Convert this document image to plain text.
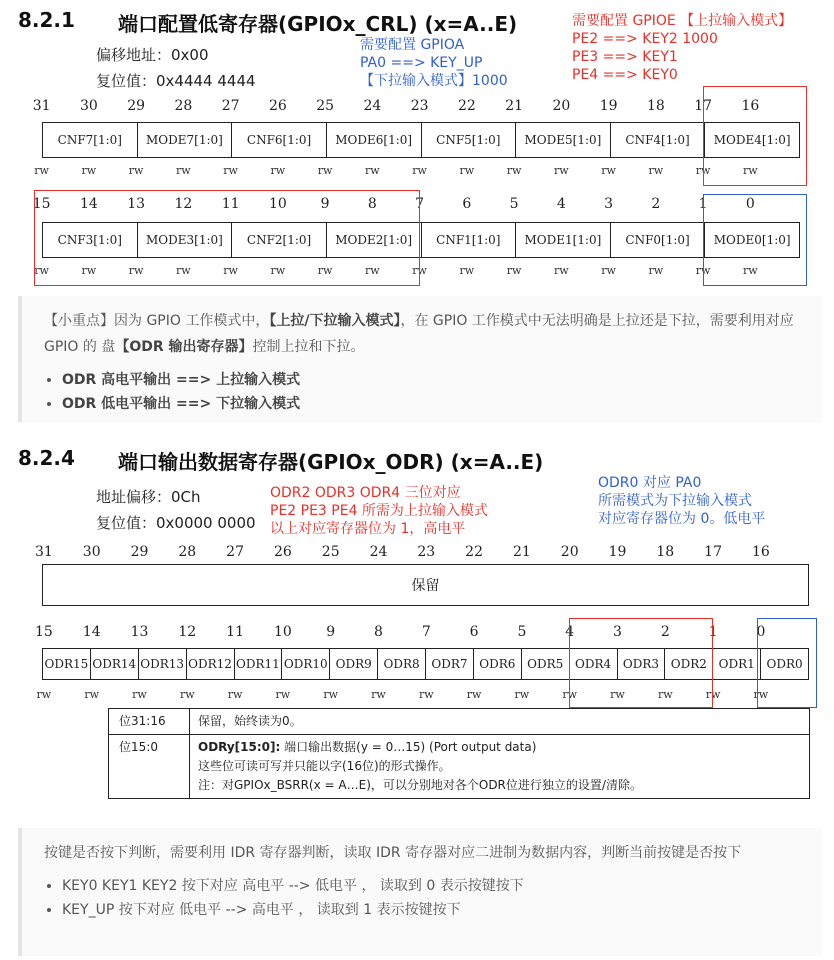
8.2.1 端口配置低寄存器(GPIOx_CRL) (x=A..E)
偏移地址：0x00
复位值：0x4444 4444
需要配置 GPIOA
PA0 ==> KEY_UP
【下拉输入模式】1000
需要配置 GPIOE 【上拉输入模式】
PE2 ==> KEY2 1000
PE3 ==> KEY1
PE4 ==> KEY0
31	30	29	28	27	26	25	24	23	22	21	20	19	18	17	16
CNF7[1:0]	MODE7[1:0]	CNF6[1:0]	MODE6[1:0]	CNF5[1:0]	MODE5[1:0]	CNF4[1:0]	MODE4[1:0]
rw	rw	rw	rw	rw	rw	rw	rw	rw	rw	rw	rw	rw	rw	rw	rw
15	14	13	12	11	10	9	8	7	6	5	4	3	2	1	0
CNF3[1:0]	MODE3[1:0]	CNF2[1:0]	MODE2[1:0]	CNF1[1:0]	MODE1[1:0]	CNF0[1:0]	MODE0[1:0]
rw	rw	rw	rw	rw	rw	rw	rw	rw	rw	rw	rw	rw	rw	rw	rw

【小重点】因为 GPIO 工作模式中，【上拉/下拉输入模式】，在 GPIO 工作模式中无法明确是上拉还是下拉，需要利用对应 GPIO 的 盘【ODR 输出寄存器】控制上拉和下拉。

• ODR 高电平输出 ==> 上拉输入模式
• ODR 低电平输出 ==> 下拉输入模式
8.2.4 端口输出数据寄存器(GPIOx_ODR) (x=A..E)
地址偏移：0Ch
复位值：0x0000 0000
ODR2 ODR3 ODR4 三位对应
PE2 PE3 PE4 所需为上拉输入模式
以上对应寄存器位为 1，高电平
ODR0 对应 PA0
所需模式为下拉输入模式
对应寄存器位为 0。低电平
31	30	29	28	27	26	25	24	23	22	21	20	19	18	17	16
保留
15	14	13	12	11	10	9	8	7	6	5	4	3	2	1	0
ODR15 ODR14 ODR13 ODR12 ODR11 ODR10 ODR9 ODR8 ODR7 ODR6 ODR5 ODR4 ODR3 ODR2 ODR1 ODR0
rw	rw	rw	rw	rw	rw	rw	rw	rw	rw	rw	rw	rw	rw	rw	rw
位31:16	保留，始终读为0。
位15:0	ODRy[15:0]: 端口输出数据(y = 0…15) (Port output data)
这些位可读可写并只能以字(16位)的形式操作。
注：对GPIOx_BSRR(x = A…E)，可以分别地对各个ODR位进行独立的设置/清除。

按键是否按下判断，需要利用 IDR 寄存器判断，读取 IDR 寄存器对应二进制为数据内容，判断当前按键是否按下

• KEY0 KEY1 KEY2 按下对应 高电平 --> 低电平 ， 读取到 0 表示按键按下
• KEY_UP 按下对应 低电平 --> 高电平 ， 读取到 1 表示按键按下
